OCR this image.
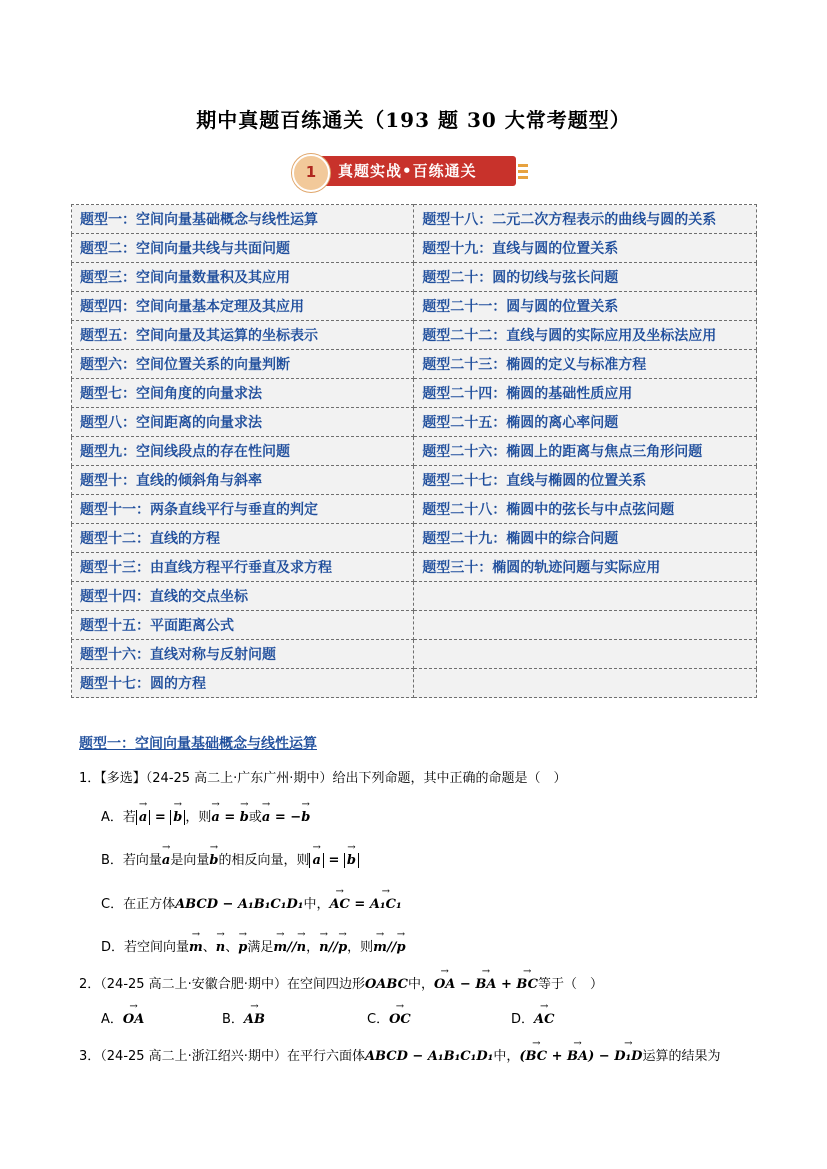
期中真题百练通关（193 题 30 大常考题型）
1	真题实战•百练通关
题型一：空间向量基础概念与线性运算	题型十八：二元二次方程表示的曲线与圆的关系
题型二：空间向量共线与共面问题	题型十九：直线与圆的位置关系
题型三：空间向量数量积及其应用	题型二十：圆的切线与弦长问题
题型四：空间向量基本定理及其应用	题型二十一：圆与圆的位置关系
题型五：空间向量及其运算的坐标表示	题型二十二：直线与圆的实际应用及坐标法应用
题型六：空间位置关系的向量判断	题型二十三：椭圆的定义与标准方程
题型七：空间角度的向量求法	题型二十四：椭圆的基础性质应用
题型八：空间距离的向量求法	题型二十五：椭圆的离心率问题
题型九：空间线段点的存在性问题	题型二十六：椭圆上的距离与焦点三角形问题
题型十：直线的倾斜角与斜率	题型二十七：直线与椭圆的位置关系
题型十一：两条直线平行与垂直的判定	题型二十八：椭圆中的弦长与中点弦问题
题型十二：直线的方程	题型二十九：椭圆中的综合问题
题型十三：由直线方程平行垂直及求方程	题型三十：椭圆的轨迹问题与实际应用
题型十四：直线的交点坐标	
题型十五：平面距离公式	
题型十六：直线对称与反射问题	
题型十七：圆的方程	
题型一：空间向量基础概念与线性运算
1．【多选】（24-25 高二上·广东广州·期中）给出下列命题，其中正确的命题是（　）
A．若 → a = → b ，则→ a = → b或→ a = −→ b
B．若向量→ a是向量→ b的相反向量，则 → a = → b
C．在正方体ABCD − A₁B₁C₁D₁中，→ AC = → A₁C₁
D．若空间向量→ m、→ n、→ p满足→ m//→ n，→ n//→ p，则→ m//→ p
2．（24-25 高二上·安徽合肥·期中）在空间四边形OABC中，→ OA − → BA + → BC等于（　）
A．→ OA	B．→ AB	C．→ OC	D．→ AC
3．（24-25 高二上·浙江绍兴·期中）在平行六面体ABCD − A₁B₁C₁D₁中，(→ BC + → BA) − → D₁D运算的结果为
